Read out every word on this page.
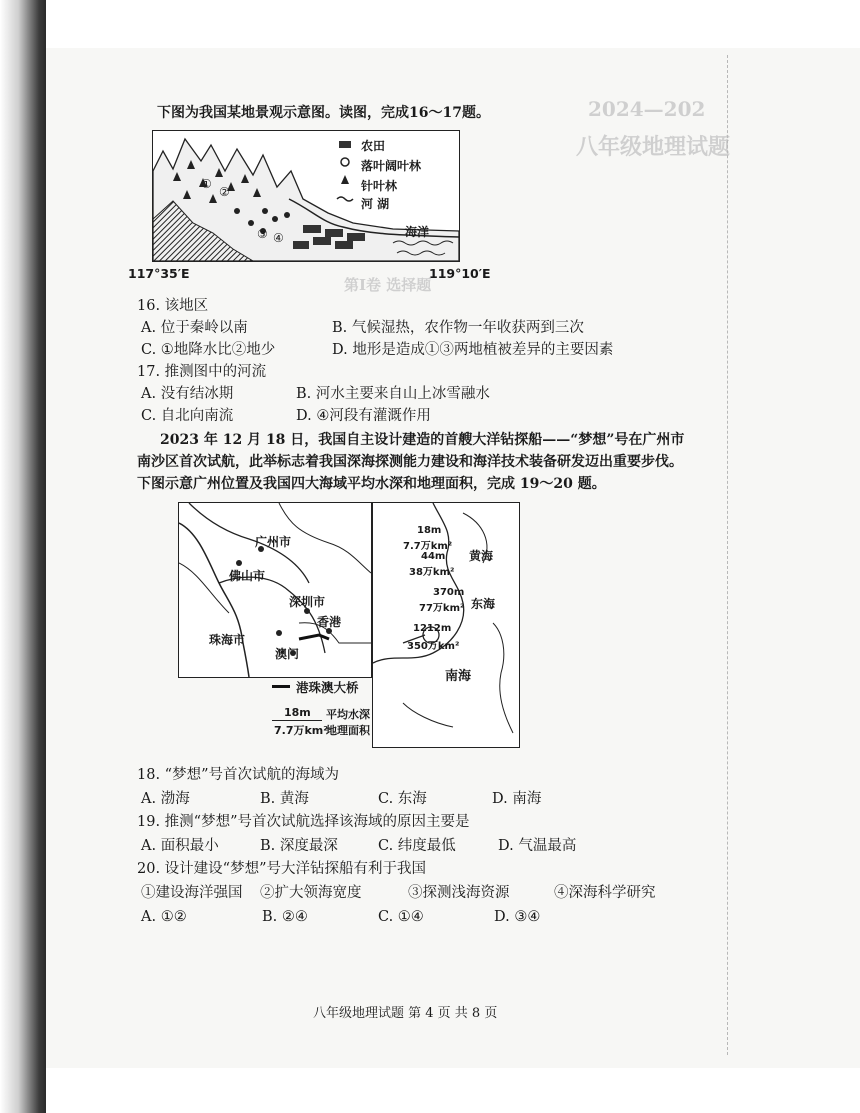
2024—202
八年级地理试题
第Ⅰ卷 选择题
下图为我国某地景观示意图。读图，完成16～17题。
农田
落叶阔叶林
针叶林
河 湖
海洋
①
②
③ ④
117°35′E	119°10′E
16. 该地区
A. 位于秦岭以南	B. 气候湿热，农作物一年收获两到三次
C. ①地降水比②地少	D. 地形是造成①③两地植被差异的主要因素
17. 推测图中的河流
A. 没有结冰期	B. 河水主要来自山上冰雪融水
C. 自北向南流	D. ④河段有灌溉作用
2023 年 12 月 18 日，我国自主设计建造的首艘大洋钻探船——“梦想”号在广州市
南沙区首次试航，此举标志着我国深海探测能力建设和海洋技术装备研发迈出重要步伐。
下图示意广州位置及我国四大海域平均水深和地理面积，完成 19～20 题。
广州市
佛山市
深圳市
珠海市
香港
澳门
18m
7.7万km²
黄海
44m
38万km²
东海
370m
77万km²
1212m
350万km²
南海
港珠澳大桥
18m
7.7万km²
平均水深
地理面积
18. “梦想”号首次试航的海域为
A. 渤海	B. 黄海	C. 东海	D. 南海
19. 推测“梦想”号首次试航选择该海域的原因主要是
A. 面积最小	B. 深度最深	C. 纬度最低	D. 气温最高
20. 设计建设“梦想”号大洋钻探船有利于我国
①建设海洋强国 ②扩大领海宽度	③探测浅海资源	④深海科学研究
A. ①②	B. ②④	C. ①④	D. ③④
八年级地理试题 第 4 页 共 8 页
